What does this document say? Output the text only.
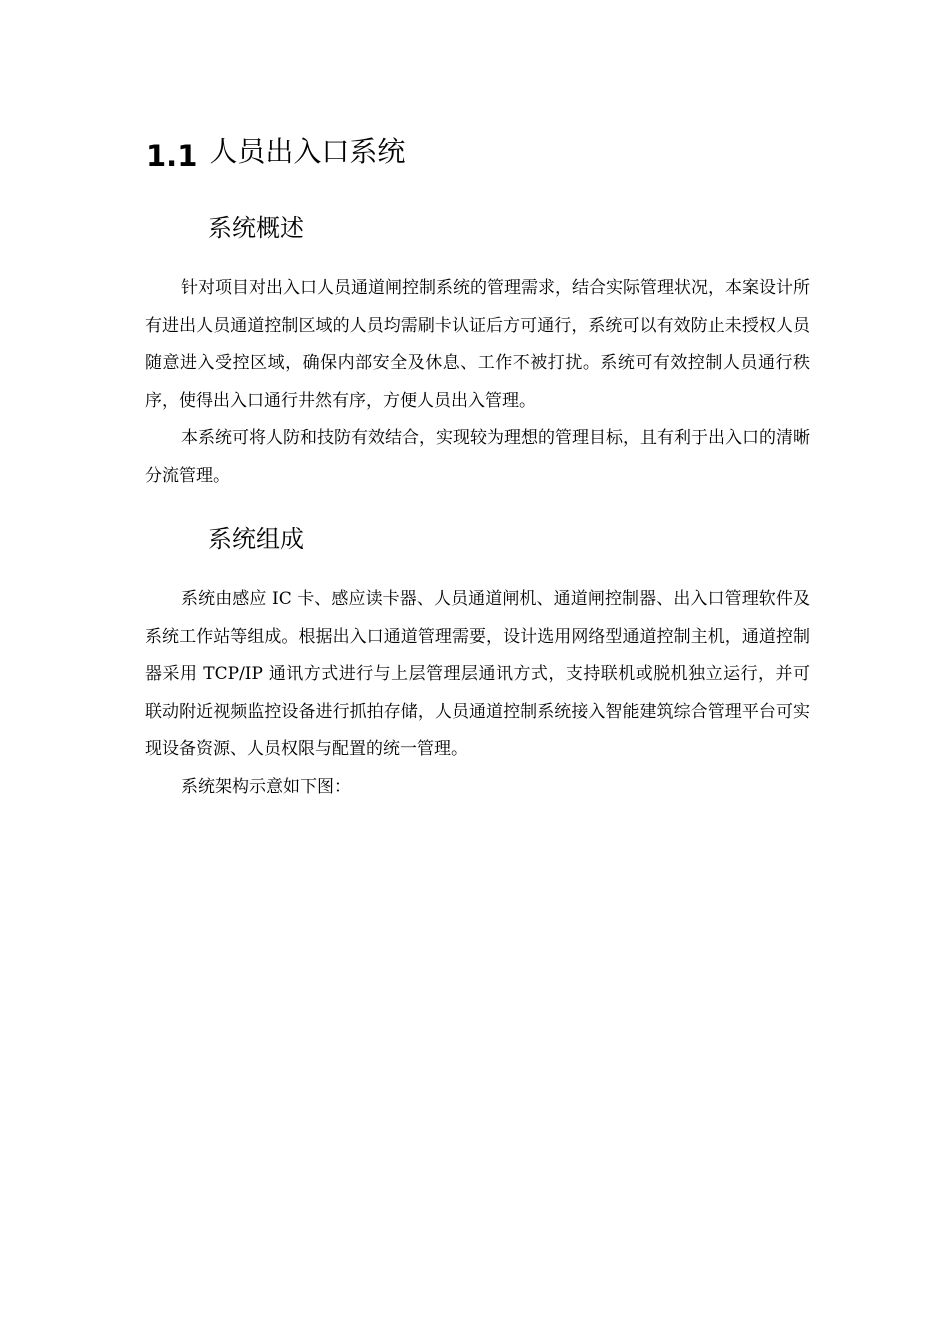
1.1 人员出入口系统
系统概述

针对项目对出入口人员通道闸控制系统的管理需求，结合实际管理状况，本案设计所有进出人员通道控制区域的人员均需刷卡认证后方可通行，系统可以有效防止未授权人员随意进入受控区域，确保内部安全及休息、工作不被打扰。系统可有效控制人员通行秩序，使得出入口通行井然有序，方便人员出入管理。

本系统可将人防和技防有效结合，实现较为理想的管理目标，且有利于出入口的清晰分流管理。

系统组成

系统由感应 IC 卡、感应读卡器、人员通道闸机、通道闸控制器、出入口管理软件及系统工作站等组成。根据出入口通道管理需要，设计选用网络型通道控制主机，通道控制器采用 TCP/IP 通讯方式进行与上层管理层通讯方式，支持联机或脱机独立运行，并可联动附近视频监控设备进行抓拍存储，人员通道控制系统接入智能建筑综合管理平台可实现设备资源、人员权限与配置的统一管理。

系统架构示意如下图：
